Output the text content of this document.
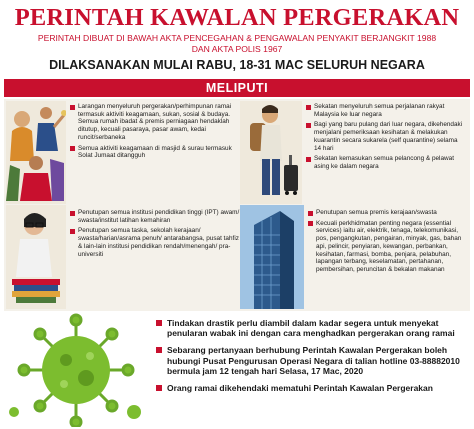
PERINTAH KAWALAN PERGERAKAN
PERINTAH DIBUAT DI BAWAH AKTA PENCEGAHAN & PENGAWALAN PENYAKIT BERJANGKIT 1988
DAN AKTA POLIS 1967
DILAKSANAKAN MULAI RABU, 18-31 MAC SELURUH NEGARA
MELIPUTI
Larangan menyeluruh pergerakan/perhimpunan ramai termasuk aktiviti keagamaan, sukan, sosial & budaya. Semua rumah ibadat & premis perniagaan hendaklah ditutup, kecuali pasaraya, pasar awam, kedai runcit/serbaneka
Semua aktiviti keagamaan di masjid & surau termasuk Solat Jumaat ditangguh
Sekatan menyeluruh semua perjalanan rakyat Malaysia ke luar negara
Bagi yang baru pulang dari luar negara, dikehendaki menjalani pemeriksaan kesihatan & melakukan kuarantin secara sukarela (self quarantine) selama 14 hari
Sekatan kemasukan semua pelancong & pelawat asing ke dalam negara
Penutupan semua institusi pendidikan tinggi (IPT) awam/ swasta/institut latihan kemahiran
Penutupan semua taska, sekolah kerajaan/ swasta/harian/asrama penuh/ antarabangsa, pusat tahfiz & lain-lain institusi pendidikan rendah/menengah/ pra-universiti
Penutupan semua premis kerajaan/swasta
Kecuali perkhidmatan penting negara (essential services) iaitu air, elektrik, tenaga, telekomunikasi, pos, pengangkutan, pengairan, minyak, gas, bahan api, pelincir, penyiaran, kewangan, perbankan, kesihatan, farmasi, bomba, penjara, pelabuhan, lapangan terbang, keselamatan, pertahanan, pembersihan, peruncitan & bekalan makanan
Tindakan drastik perlu diambil dalam kadar segera untuk menyekat penularan wabak ini dengan cara menghadkan pergerakan orang ramai
Sebarang pertanyaan berhubung Perintah Kawalan Pergerakan boleh hubungi Pusat Pengurusan Operasi Negara di talian hotline 03-88882010 bermula jam 12 tengah hari Selasa, 17 Mac, 2020
Orang ramai dikehendaki mematuhi Perintah Kawalan Pergerakan
